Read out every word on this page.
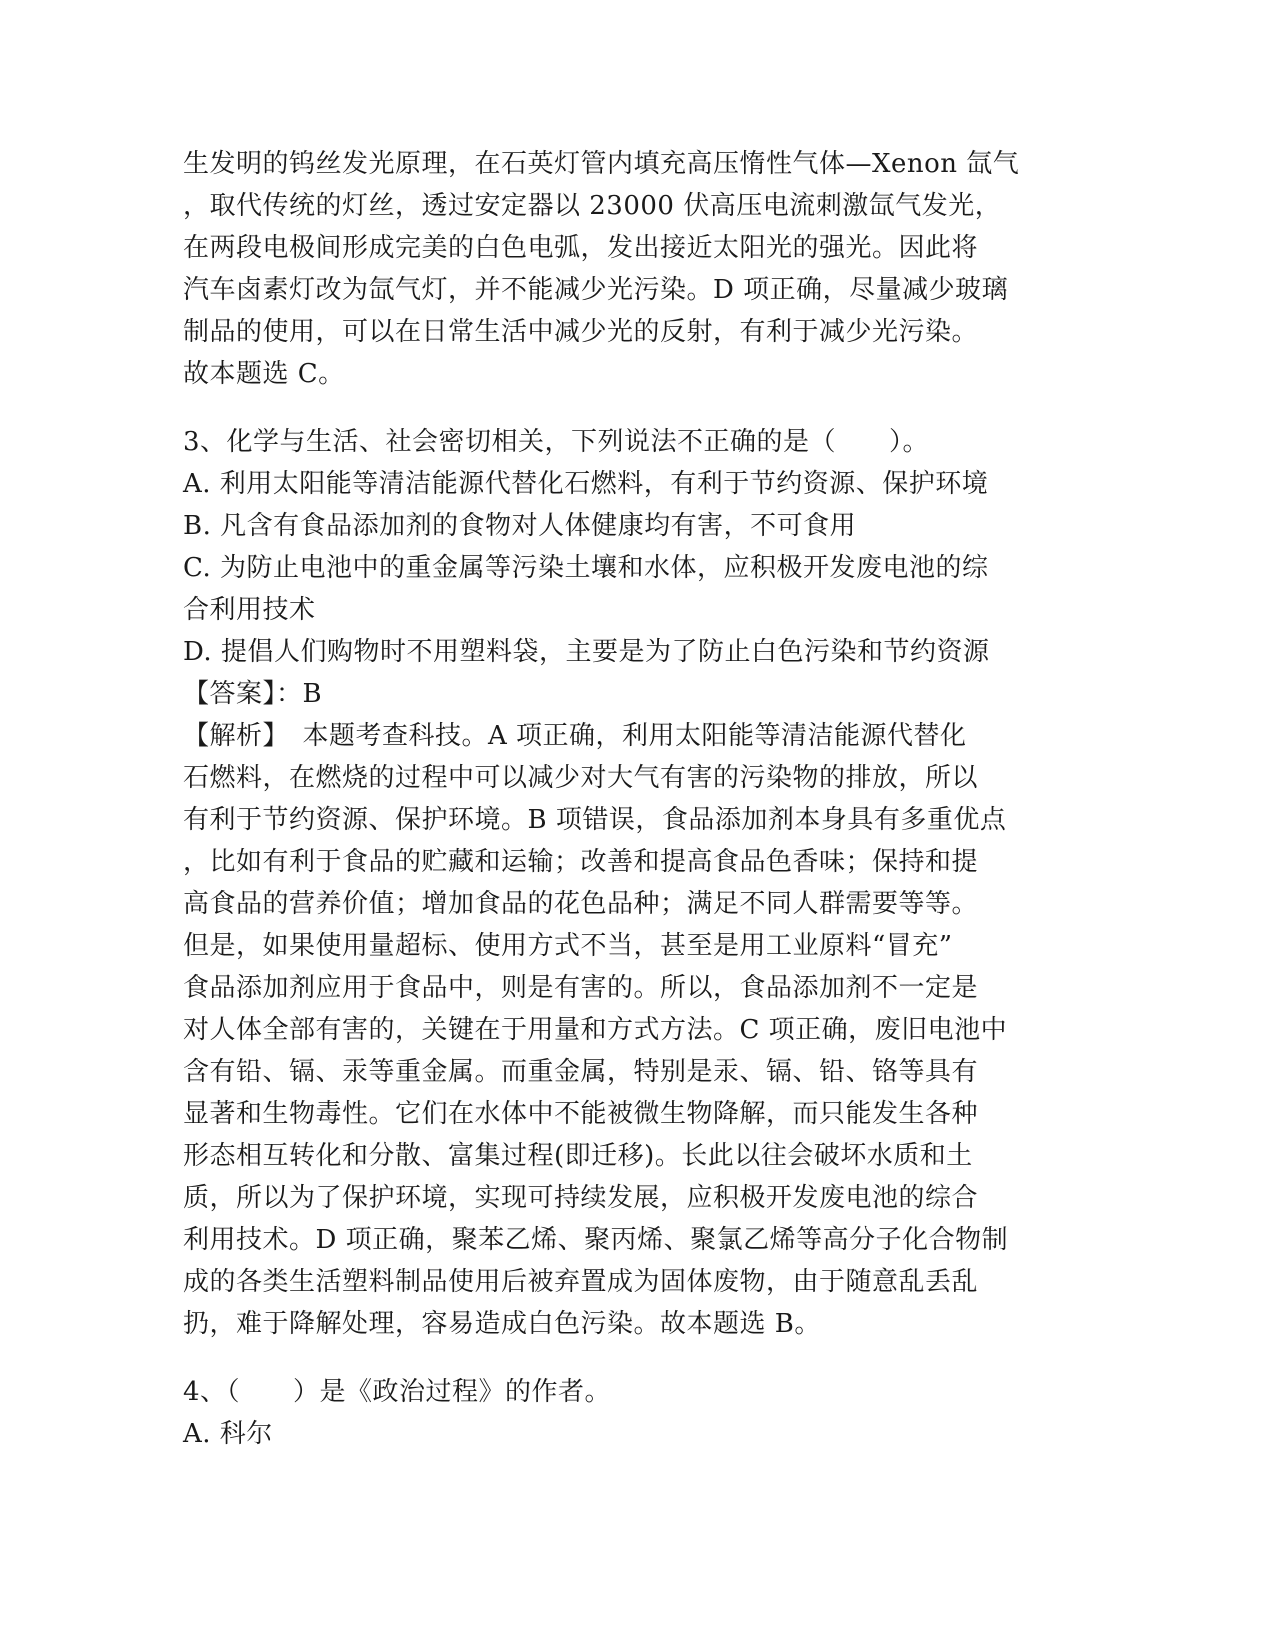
生发明的钨丝发光原理，在石英灯管内填充高压惰性气体—Xenon 氙气
，取代传统的灯丝，透过安定器以 23000 伏高压电流刺激氙气发光，
在两段电极间形成完美的白色电弧，发出接近太阳光的强光。因此将
汽车卤素灯改为氙气灯，并不能减少光污染。D 项正确，尽量减少玻璃
制品的使用，可以在日常生活中减少光的反射，有利于减少光污染。
故本题选 C。
3、化学与生活、社会密切相关，下列说法不正确的是（　　）。
A. 利用太阳能等清洁能源代替化石燃料，有利于节约资源、保护环境
B. 凡含有食品添加剂的食物对人体健康均有害，不可食用
C. 为防止电池中的重金属等污染土壤和水体，应积极开发废电池的综
合利用技术
D. 提倡人们购物时不用塑料袋，主要是为了防止白色污染和节约资源
【答案】：B
【解析】　本题考查科技。A 项正确，利用太阳能等清洁能源代替化
石燃料，在燃烧的过程中可以减少对大气有害的污染物的排放，所以
有利于节约资源、保护环境。B 项错误，食品添加剂本身具有多重优点
，比如有利于食品的贮藏和运输；改善和提高食品色香味；保持和提
高食品的营养价值；增加食品的花色品种；满足不同人群需要等等。
但是，如果使用量超标、使用方式不当，甚至是用工业原料“冒充”
食品添加剂应用于食品中，则是有害的。所以，食品添加剂不一定是
对人体全部有害的，关键在于用量和方式方法。C 项正确，废旧电池中
含有铅、镉、汞等重金属。而重金属，特别是汞、镉、铅、铬等具有
显著和生物毒性。它们在水体中不能被微生物降解，而只能发生各种
形态相互转化和分散、富集过程(即迁移)。长此以往会破坏水质和土
质，所以为了保护环境，实现可持续发展，应积极开发废电池的综合
利用技术。D 项正确，聚苯乙烯、聚丙烯、聚氯乙烯等高分子化合物制
成的各类生活塑料制品使用后被弃置成为固体废物，由于随意乱丢乱
扔，难于降解处理，容易造成白色污染。故本题选 B。
4、（　　）是《政治过程》的作者。
A. 科尔
